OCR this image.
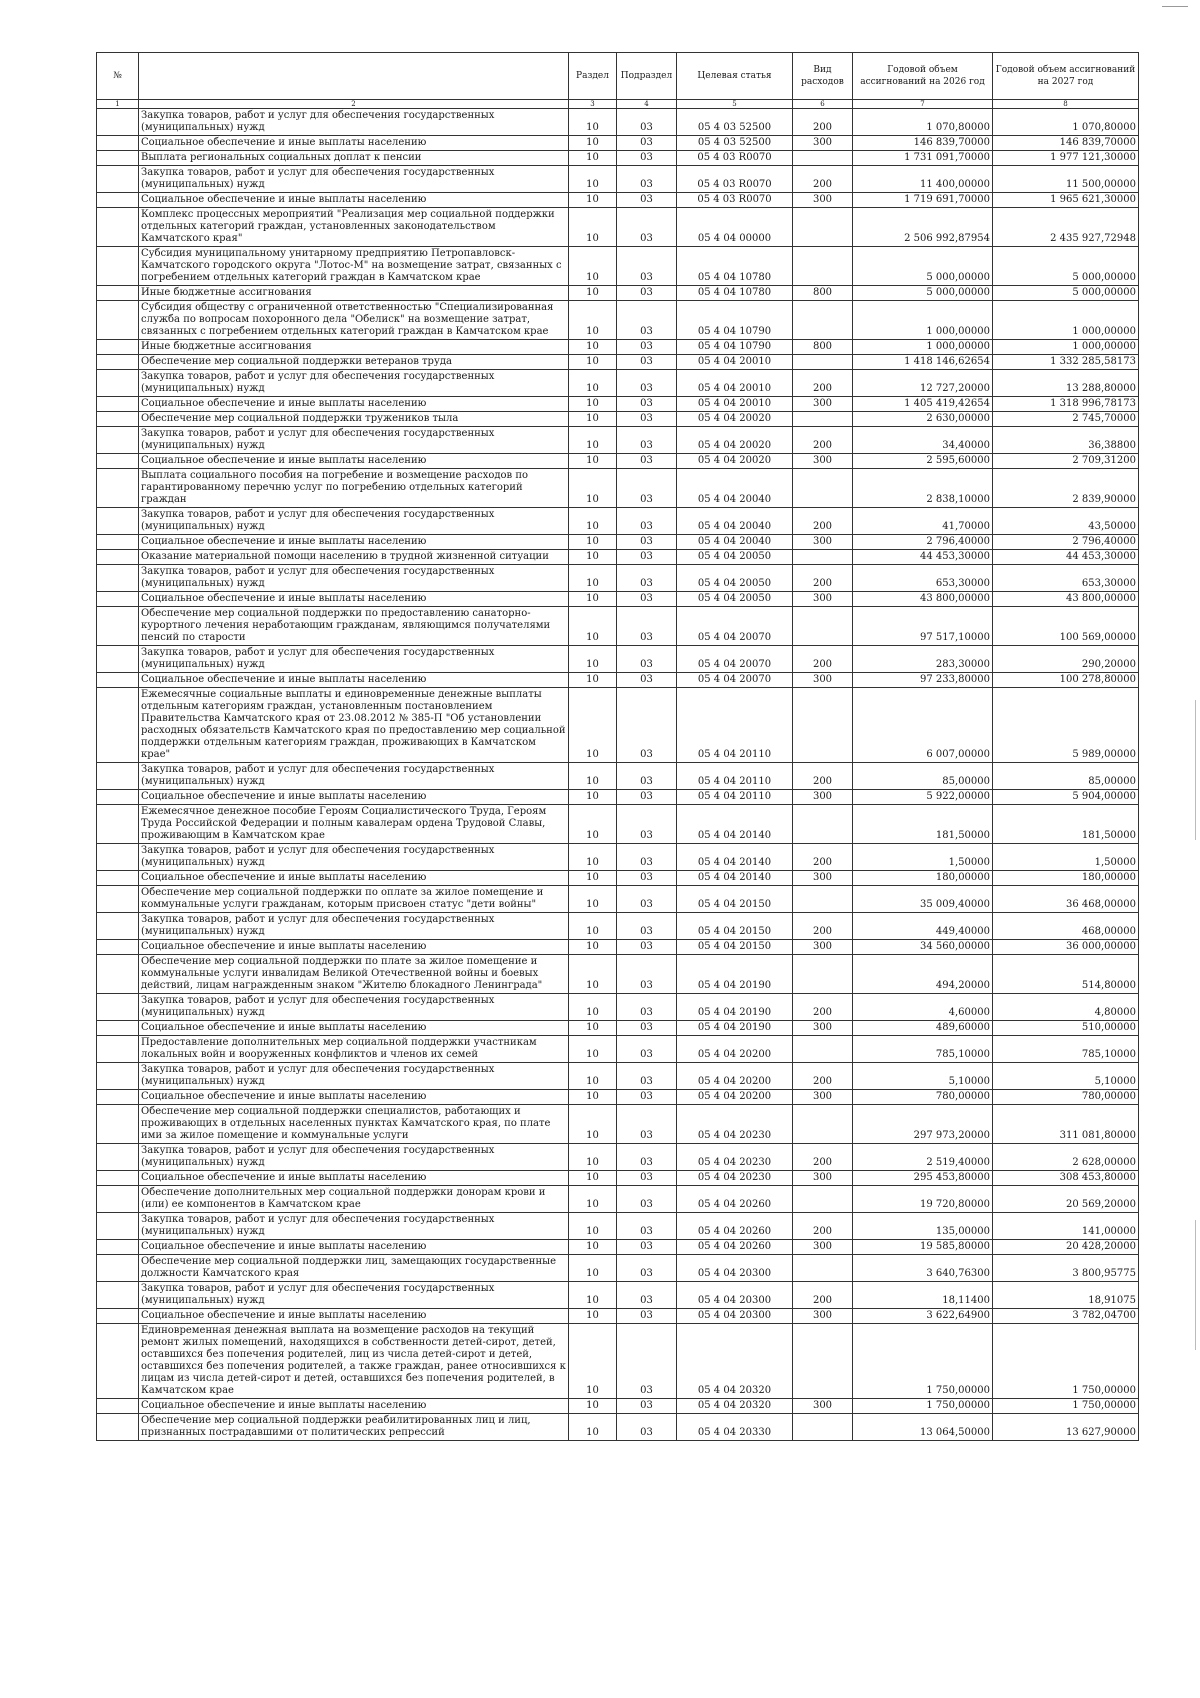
№		Раздел	Подраздел	Целевая статья	Вид расходов	Годовой объем ассигнований на 2026 год	Годовой объем ассигнований на 2027 год
1	2	3	4	5	6	7	8
	Закупка товаров, работ и услуг для обеспечения государственных (муниципальных) нужд	10	03	05 4 03 52500	200	1 070,80000	1 070,80000
	Социальное обеспечение и иные выплаты населению	10	03	05 4 03 52500	300	146 839,70000	146 839,70000
	Выплата региональных социальных доплат к пенсии	10	03	05 4 03 R0070		1 731 091,70000	1 977 121,30000
	Закупка товаров, работ и услуг для обеспечения государственных (муниципальных) нужд	10	03	05 4 03 R0070	200	11 400,00000	11 500,00000
	Социальное обеспечение и иные выплаты населению	10	03	05 4 03 R0070	300	1 719 691,70000	1 965 621,30000
	Комплекс процессных мероприятий "Реализация мер социальной поддержки отдельных категорий граждан, установленных законодательством Камчатского края"	10	03	05 4 04 00000		2 506 992,87954	2 435 927,72948
	Субсидия муниципальному унитарному предприятию Петропавловск-Камчатского городского округа "Лотос-М" на возмещение затрат, связанных с погребением отдельных категорий граждан в Камчатском крае	10	03	05 4 04 10780		5 000,00000	5 000,00000
	Иные бюджетные ассигнования	10	03	05 4 04 10780	800	5 000,00000	5 000,00000
	Субсидия обществу с ограниченной ответственностью "Специализированная служба по вопросам похоронного дела "Обелиск" на возмещение затрат, связанных с погребением отдельных категорий граждан в Камчатском крае	10	03	05 4 04 10790		1 000,00000	1 000,00000
	Иные бюджетные ассигнования	10	03	05 4 04 10790	800	1 000,00000	1 000,00000
	Обеспечение мер социальной поддержки ветеранов труда	10	03	05 4 04 20010		1 418 146,62654	1 332 285,58173
	Закупка товаров, работ и услуг для обеспечения государственных (муниципальных) нужд	10	03	05 4 04 20010	200	12 727,20000	13 288,80000
	Социальное обеспечение и иные выплаты населению	10	03	05 4 04 20010	300	1 405 419,42654	1 318 996,78173
	Обеспечение мер социальной поддержки тружеников тыла	10	03	05 4 04 20020		2 630,00000	2 745,70000
	Закупка товаров, работ и услуг для обеспечения государственных (муниципальных) нужд	10	03	05 4 04 20020	200	34,40000	36,38800
	Социальное обеспечение и иные выплаты населению	10	03	05 4 04 20020	300	2 595,60000	2 709,31200
	Выплата социального пособия на погребение и возмещение расходов по гарантированному перечню услуг по погребению отдельных категорий граждан	10	03	05 4 04 20040		2 838,10000	2 839,90000
	Закупка товаров, работ и услуг для обеспечения государственных (муниципальных) нужд	10	03	05 4 04 20040	200	41,70000	43,50000
	Социальное обеспечение и иные выплаты населению	10	03	05 4 04 20040	300	2 796,40000	2 796,40000
	Оказание материальной помощи населению в трудной жизненной ситуации	10	03	05 4 04 20050		44 453,30000	44 453,30000
	Закупка товаров, работ и услуг для обеспечения государственных (муниципальных) нужд	10	03	05 4 04 20050	200	653,30000	653,30000
	Социальное обеспечение и иные выплаты населению	10	03	05 4 04 20050	300	43 800,00000	43 800,00000
	Обеспечение мер социальной поддержки по предоставлению санаторно-курортного лечения неработающим гражданам, являющимся получателями пенсий по старости	10	03	05 4 04 20070		97 517,10000	100 569,00000
	Закупка товаров, работ и услуг для обеспечения государственных (муниципальных) нужд	10	03	05 4 04 20070	200	283,30000	290,20000
	Социальное обеспечение и иные выплаты населению	10	03	05 4 04 20070	300	97 233,80000	100 278,80000
	Ежемесячные социальные выплаты и единовременные денежные выплаты отдельным категориям граждан, установленным постановлением Правительства Камчатского края от 23.08.2012 № 385-П "Об установлении расходных обязательств Камчатского края по предоставлению мер социальной поддержки отдельным категориям граждан, проживающих в Камчатском крае"	10	03	05 4 04 20110		6 007,00000	5 989,00000
	Закупка товаров, работ и услуг для обеспечения государственных (муниципальных) нужд	10	03	05 4 04 20110	200	85,00000	85,00000
	Социальное обеспечение и иные выплаты населению	10	03	05 4 04 20110	300	5 922,00000	5 904,00000
	Ежемесячное денежное пособие Героям Социалистического Труда, Героям Труда Российской Федерации и полным кавалерам ордена Трудовой Славы, проживающим в Камчатском крае	10	03	05 4 04 20140		181,50000	181,50000
	Закупка товаров, работ и услуг для обеспечения государственных (муниципальных) нужд	10	03	05 4 04 20140	200	1,50000	1,50000
	Социальное обеспечение и иные выплаты населению	10	03	05 4 04 20140	300	180,00000	180,00000
	Обеспечение мер социальной поддержки по оплате за жилое помещение и коммунальные услуги гражданам, которым присвоен статус "дети войны"	10	03	05 4 04 20150		35 009,40000	36 468,00000
	Закупка товаров, работ и услуг для обеспечения государственных (муниципальных) нужд	10	03	05 4 04 20150	200	449,40000	468,00000
	Социальное обеспечение и иные выплаты населению	10	03	05 4 04 20150	300	34 560,00000	36 000,00000
	Обеспечение мер социальной поддержки по плате за жилое помещение и коммунальные услуги инвалидам Великой Отечественной войны и боевых действий, лицам награжденным знаком "Жителю блокадного Ленинграда"	10	03	05 4 04 20190		494,20000	514,80000
	Закупка товаров, работ и услуг для обеспечения государственных (муниципальных) нужд	10	03	05 4 04 20190	200	4,60000	4,80000
	Социальное обеспечение и иные выплаты населению	10	03	05 4 04 20190	300	489,60000	510,00000
	Предоставление дополнительных мер социальной поддержки участникам локальных войн и вооруженных конфликтов и членов их семей	10	03	05 4 04 20200		785,10000	785,10000
	Закупка товаров, работ и услуг для обеспечения государственных (муниципальных) нужд	10	03	05 4 04 20200	200	5,10000	5,10000
	Социальное обеспечение и иные выплаты населению	10	03	05 4 04 20200	300	780,00000	780,00000
	Обеспечение мер социальной поддержки специалистов, работающих и проживающих в отдельных населенных пунктах Камчатского края, по плате ими за жилое помещение и коммунальные услуги	10	03	05 4 04 20230		297 973,20000	311 081,80000
	Закупка товаров, работ и услуг для обеспечения государственных (муниципальных) нужд	10	03	05 4 04 20230	200	2 519,40000	2 628,00000
	Социальное обеспечение и иные выплаты населению	10	03	05 4 04 20230	300	295 453,80000	308 453,80000
	Обеспечение дополнительных мер социальной поддержки донорам крови и (или) ее компонентов в Камчатском крае	10	03	05 4 04 20260		19 720,80000	20 569,20000
	Закупка товаров, работ и услуг для обеспечения государственных (муниципальных) нужд	10	03	05 4 04 20260	200	135,00000	141,00000
	Социальное обеспечение и иные выплаты населению	10	03	05 4 04 20260	300	19 585,80000	20 428,20000
	Обеспечение мер социальной поддержки лиц, замещающих государственные должности Камчатского края	10	03	05 4 04 20300		3 640,76300	3 800,95775
	Закупка товаров, работ и услуг для обеспечения государственных (муниципальных) нужд	10	03	05 4 04 20300	200	18,11400	18,91075
	Социальное обеспечение и иные выплаты населению	10	03	05 4 04 20300	300	3 622,64900	3 782,04700
	Единовременная денежная выплата на возмещение расходов на текущий ремонт жилых помещений, находящихся в собственности детей-сирот, детей, оставшихся без попечения родителей, лиц из числа детей-сирот и детей, оставшихся без попечения родителей, а также граждан, ранее относившихся к лицам из числа детей-сирот и детей, оставшихся без попечения родителей, в Камчатском крае	10	03	05 4 04 20320		1 750,00000	1 750,00000
	Социальное обеспечение и иные выплаты населению	10	03	05 4 04 20320	300	1 750,00000	1 750,00000
	Обеспечение мер социальной поддержки реабилитированных лиц и лиц, признанных пострадавшими от политических репрессий	10	03	05 4 04 20330		13 064,50000	13 627,90000
